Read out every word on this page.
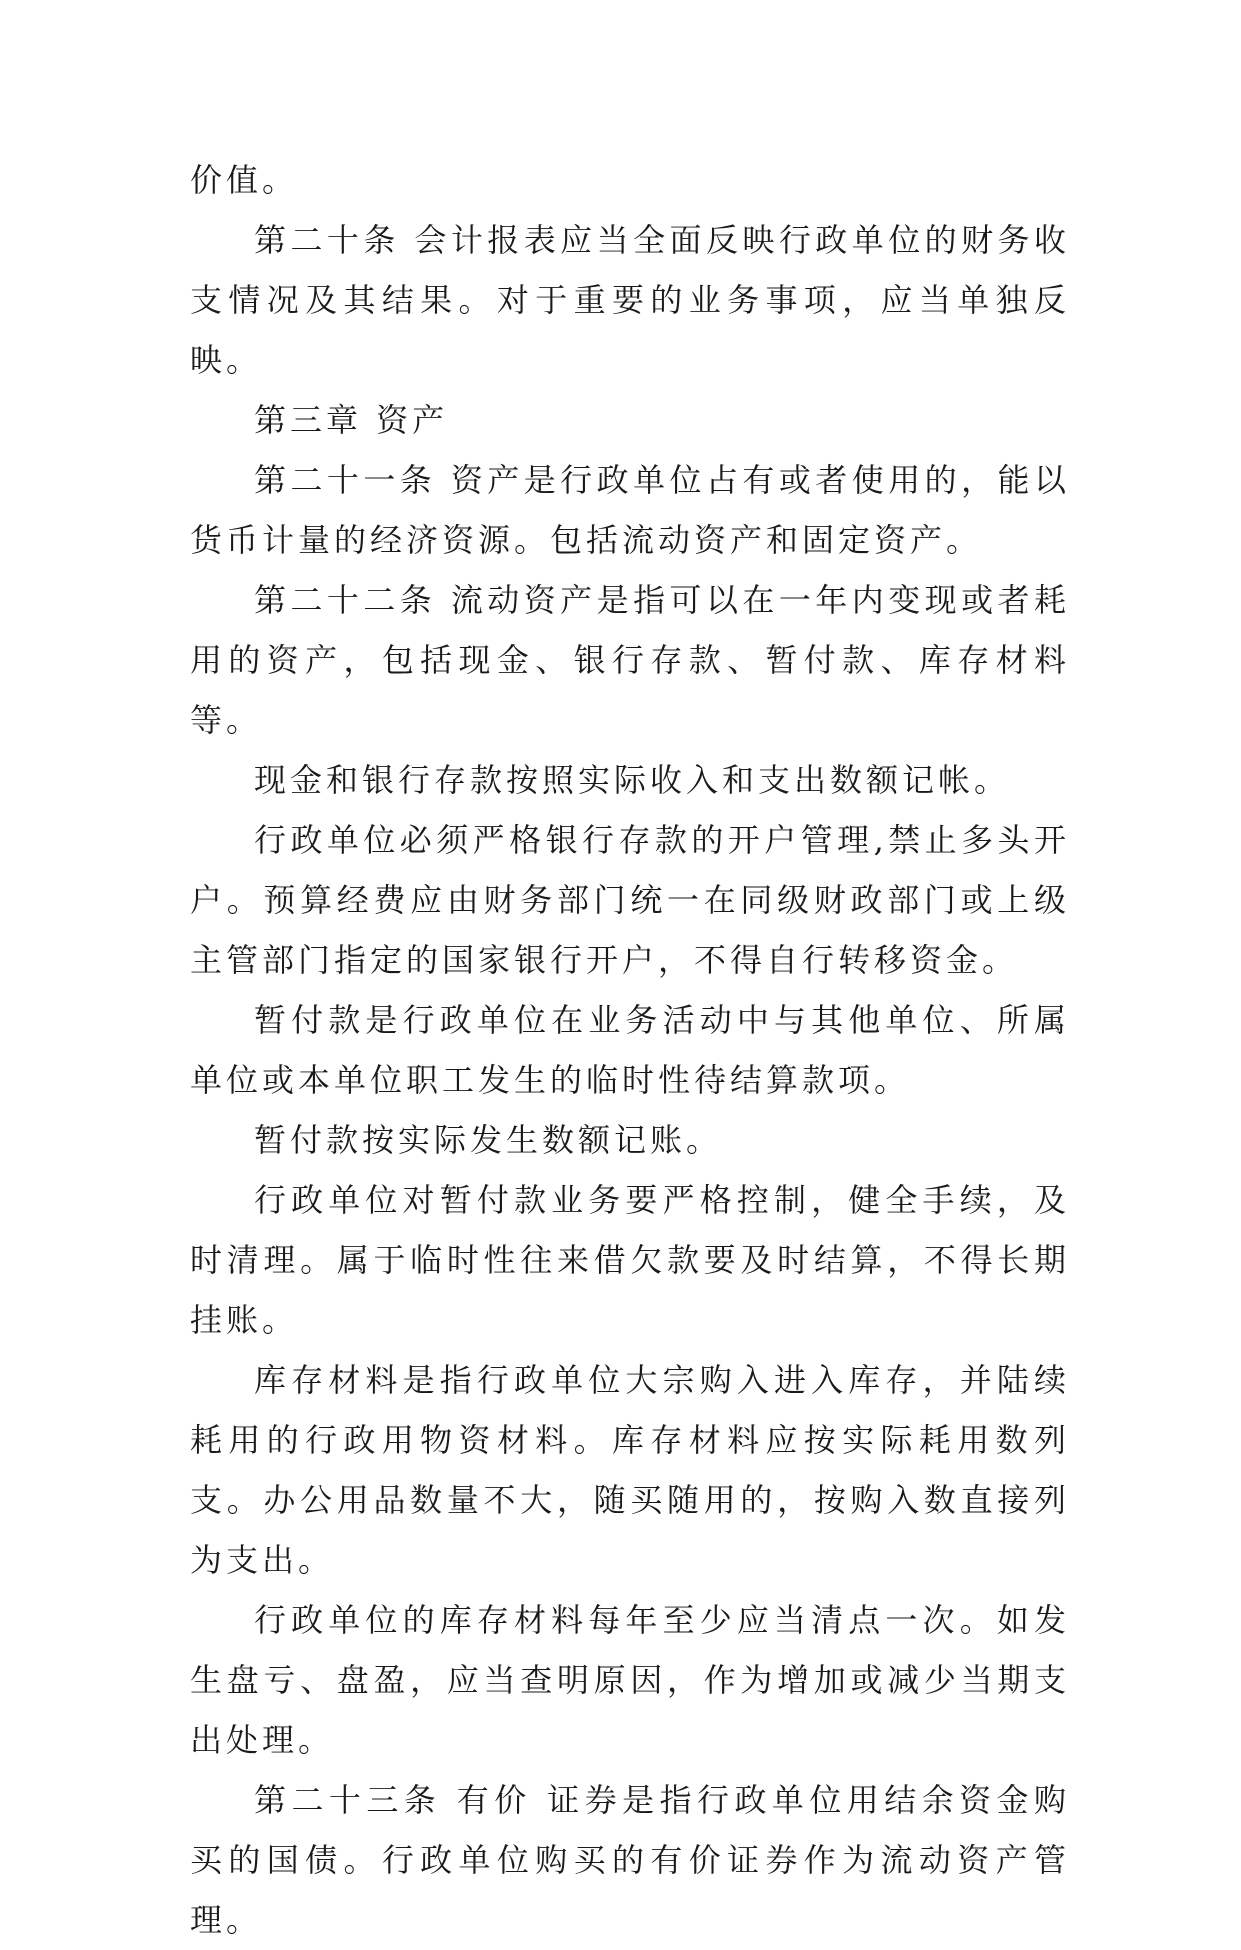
价值。

第二十条 会计报表应当全面反映行政单位的财务收支情况及其结果。对于重要的业务事项，应当单独反映。

第三章 资产

第二十一条 资产是行政单位占有或者使用的，能以货币计量的经济资源。包括流动资产和固定资产。

第二十二条 流动资产是指可以在一年内变现或者耗用的资产，包括现金、银行存款、暂付款、库存材料等。

现金和银行存款按照实际收入和支出数额记帐。

行政单位必须严格银行存款的开户管理,禁止多头开户。预算经费应由财务部门统一在同级财政部门或上级主管部门指定的国家银行开户，不得自行转移资金。

暂付款是行政单位在业务活动中与其他单位、所属单位或本单位职工发生的临时性待结算款项。

暂付款按实际发生数额记账。

行政单位对暂付款业务要严格控制，健全手续，及时清理。属于临时性往来借欠款要及时结算，不得长期挂账。

库存材料是指行政单位大宗购入进入库存，并陆续耗用的行政用物资材料。库存材料应按实际耗用数列支。办公用品数量不大，随买随用的，按购入数直接列为支出。

行政单位的库存材料每年至少应当清点一次。如发生盘亏、盘盈，应当查明原因，作为增加或减少当期支出处理。

第二十三条 有价 证券是指行政单位用结余资金购买的国债。行政单位购买的有价证券作为流动资产管理。
